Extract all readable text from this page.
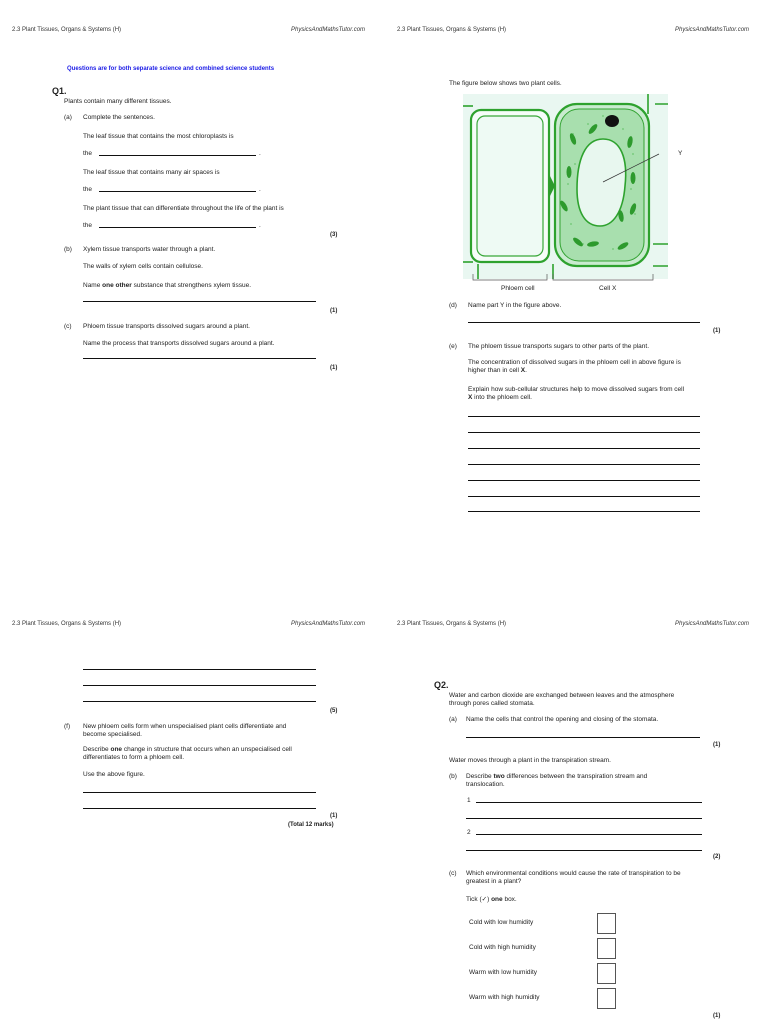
2.3 Plant Tissues, Organs & Systems (H)	PhysicsAndMathsTutor.com
Questions are for both separate science and combined science students
Q1.
Plants contain many different tissues.
(a) Complete the sentences.
The leaf tissue that contains the most chloroplasts is
the	.
The leaf tissue that contains many air spaces is
the	.
The plant tissue that can differentiate throughout the life of the plant is
the	.
(3)
(b) Xylem tissue transports water through a plant.
The walls of xylem cells contain cellulose.
Name one other substance that strengthens xylem tissue.
(1)
(c) Phloem tissue transports dissolved sugars around a plant.
Name the process that transports dissolved sugars around a plant.
(1)
2.3 Plant Tissues, Organs & Systems (H)	PhysicsAndMathsTutor.com
The figure below shows two plant cells.
Y
Phloem cell	Cell X
(d) Name part Y in the figure above.
(1)
(e) The phloem tissue transports sugars to other parts of the plant.
The concentration of dissolved sugars in the phloem cell in above figure is
higher than in cell X.
Explain how sub-cellular structures help to move dissolved sugars from cell
X into the phloem cell.
2.3 Plant Tissues, Organs & Systems (H)	PhysicsAndMathsTutor.com
(5)
(f) New phloem cells form when unspecialised plant cells differentiate and
become specialised.
Describe one change in structure that occurs when an unspecialised cell
differentiates to form a phloem cell.
Use the above figure.
(1)
(Total 12 marks)
2.3 Plant Tissues, Organs & Systems (H)	PhysicsAndMathsTutor.com
Q2.
Water and carbon dioxide are exchanged between leaves and the atmosphere
through pores called stomata.
(a) Name the cells that control the opening and closing of the stomata.
(1)
Water moves through a plant in the transpiration stream.
(b) Describe two differences between the transpiration stream and
translocation.
1
2
(2)
(c) Which environmental conditions would cause the rate of transpiration to be
greatest in a plant?
Tick (✓) one box.
Cold with low humidity
Cold with high humidity
Warm with low humidity
Warm with high humidity
(1)
